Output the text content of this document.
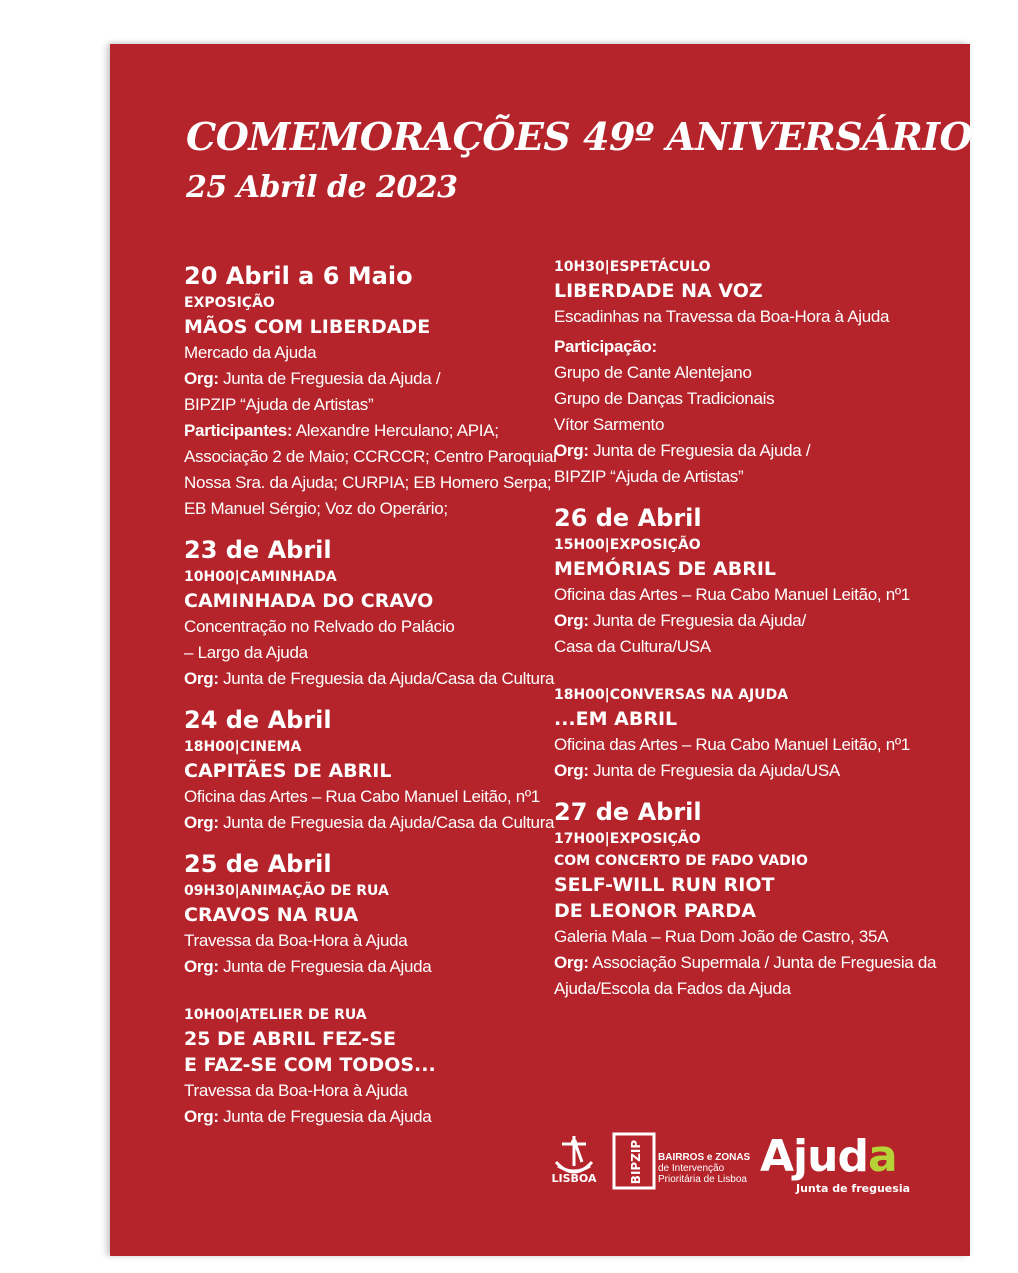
COMEMORAÇÕES 49º ANIVERSÁRIO
25 Abril de 2023
20 Abril a 6 Maio
EXPOSIÇÃO
MÃOS COM LIBERDADE
Mercado da Ajuda
Org: Junta de Freguesia da Ajuda /
BIPZIP “Ajuda de Artistas”
Participantes: Alexandre Herculano; APIA;
Associação 2 de Maio; CCRCCR; Centro Paroquial
Nossa Sra. da Ajuda; CURPIA; EB Homero Serpa;
EB Manuel Sérgio; Voz do Operário;
23 de Abril
10H00|CAMINHADA
CAMINHADA DO CRAVO
Concentração no Relvado do Palácio
– Largo da Ajuda
Org: Junta de Freguesia da Ajuda/Casa da Cultura
24 de Abril
18H00|CINEMA
CAPITÃES DE ABRIL
Oficina das Artes – Rua Cabo Manuel Leitão, nº1
Org: Junta de Freguesia da Ajuda/Casa da Cultura
25 de Abril
09H30|ANIMAÇÃO DE RUA
CRAVOS NA RUA
Travessa da Boa-Hora à Ajuda
Org: Junta de Freguesia da Ajuda
10H00|ATELIER DE RUA
25 DE ABRIL FEZ-SE
E FAZ-SE COM TODOS...
Travessa da Boa-Hora à Ajuda
Org: Junta de Freguesia da Ajuda
10H30|ESPETÁCULO
LIBERDADE NA VOZ
Escadinhas na Travessa da Boa-Hora à Ajuda
Participação:
Grupo de Cante Alentejano
Grupo de Danças Tradicionais
Vítor Sarmento
Org: Junta de Freguesia da Ajuda /
BIPZIP “Ajuda de Artistas”
26 de Abril
15H00|EXPOSIÇÃO
MEMÓRIAS DE ABRIL
Oficina das Artes – Rua Cabo Manuel Leitão, nº1
Org: Junta de Freguesia da Ajuda/
Casa da Cultura/USA
18H00|CONVERSAS NA AJUDA
...EM ABRIL
Oficina das Artes – Rua Cabo Manuel Leitão, nº1
Org: Junta de Freguesia da Ajuda/USA
27 de Abril
17H00|EXPOSIÇÃO
COM CONCERTO DE FADO VADIO
SELF-WILL RUN RIOT
DE LEONOR PARDA
Galeria Mala – Rua Dom João de Castro, 35A
Org: Associação Supermala / Junta de Freguesia da
Ajuda/Escola da Fados da Ajuda
LISBOA	BIPZIP BAIRROS e ZONAS
de Intervenção
Prioritária de Lisboa Ajuda
Junta de freguesia
